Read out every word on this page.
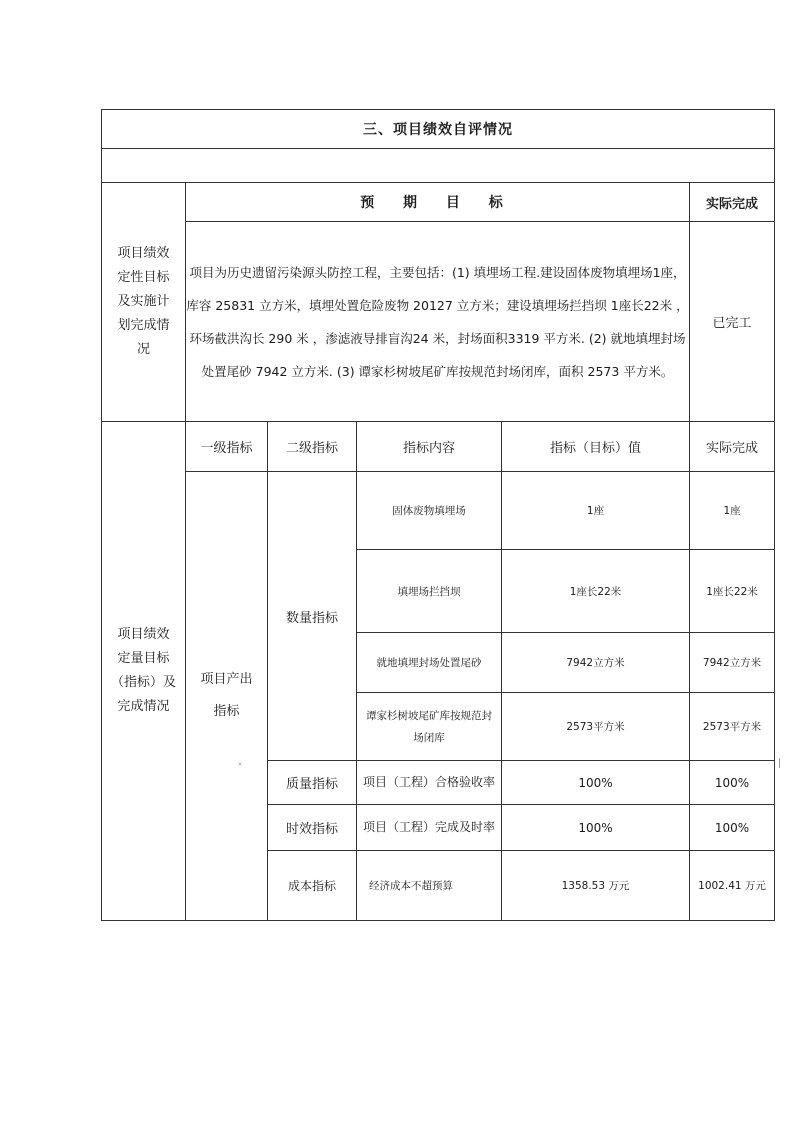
三、项目绩效自评情况					

项目绩效
定性目标
及实施计
划完成情
况	预 期 目 标				实际完成
	项目为历史遗留污染源头防控工程，主要包括：(1) 填埋场工程.建设固体废物填埋场1座，库容 25831 立方米，填埋处置危险废物 20127 立方米；建设填埋场拦挡坝 1座长22米 ，环场截洪沟长 290 米 ，渗滤液导排盲沟24 米，封场面积3319 平方米. (2) 就地填埋封场处置尾砂 7942 立方米. (3) 谭家杉树坡尾矿库按规范封场闭库，面积 2573 平方米。				已完工

项目绩效
定量目标
（指标）及
完成情况	一级指标	二级指标	指标内容	指标（目标）值	实际完成

	项目产出
指标	数量指标	固体废物填埋场	1座	1座
			填埋场拦挡坝	1座长22米	1座长22米
			就地填埋封场处置尾砂	7942立方米	7942立方米
			谭家杉树坡尾矿库按规范封场闭库	2573平方米	2573平方米
		质量指标	项目（工程）合格验收率	100%	100%
		时效指标	项目（工程）完成及时率	100%	100%
		成本指标	经济成本不超预算	1358.53 万元	1002.41 万元
